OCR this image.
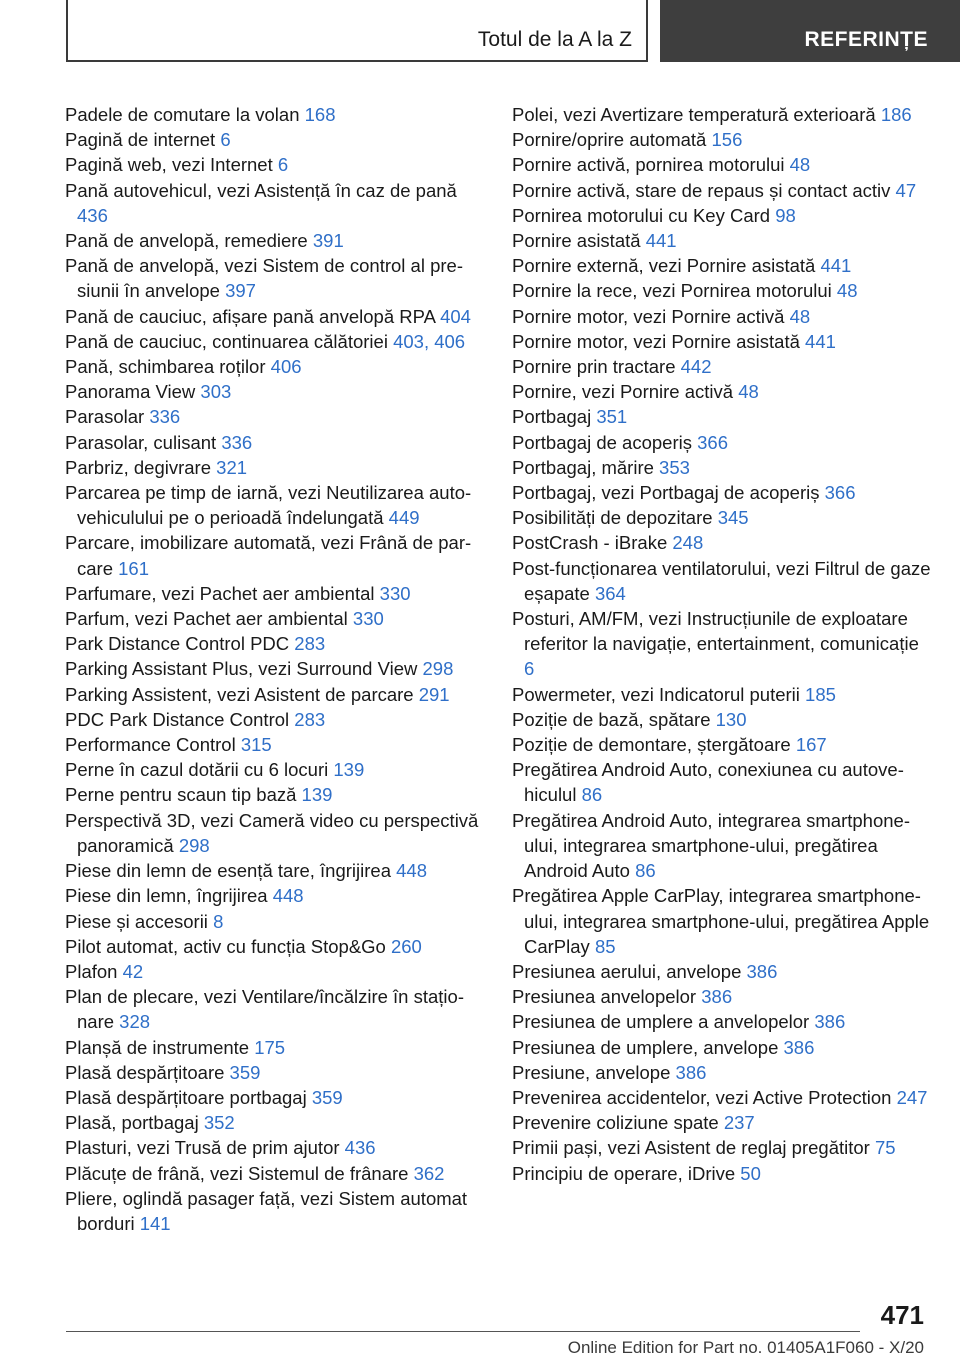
Totul de la A la Z	REFERINȚE

Padele de comutare la volan 168

Pagină de internet 6

Pagină web, vezi Internet 6

Pană autovehicul, vezi Asistență în caz de pană 436

Pană de anvelopă, remediere 391

Pană de anvelopă, vezi Sistem de control al presiunii în anvelope 397

Pană de cauciuc, afișare pană anvelopă RPA 404

Pană de cauciuc, continuarea călătoriei 403, 406

Pană, schimbarea roților 406

Panorama View 303

Parasolar 336

Parasolar, culisant 336

Parbriz, degivrare 321

Parcarea pe timp de iarnă, vezi Neutilizarea autovehiculului pe o perioadă îndelungată 449

Parcare, imobilizare automată, vezi Frână de parcare 161

Parfumare, vezi Pachet aer ambiental 330

Parfum, vezi Pachet aer ambiental 330

Park Distance Control PDC 283

Parking Assistant Plus, vezi Surround View 298

Parking Assistent, vezi Asistent de parcare 291

PDC Park Distance Control 283

Performance Control 315

Perne în cazul dotării cu 6 locuri 139

Perne pentru scaun tip bază 139

Perspectivă 3D, vezi Cameră video cu perspectivă panoramică 298

Piese din lemn de esență tare, îngrijirea 448

Piese din lemn, îngrijirea 448

Piese și accesorii 8

Pilot automat, activ cu funcția Stop&Go 260

Plafon 42

Plan de plecare, vezi Ventilare/încălzire în staționare 328

Planșă de instrumente 175

Plasă despărțitoare 359

Plasă despărțitoare portbagaj 359

Plasă, portbagaj 352

Plasturi, vezi Trusă de prim ajutor 436

Plăcuțe de frână, vezi Sistemul de frânare 362

Pliere, oglindă pasager față, vezi Sistem automat borduri 141

Polei, vezi Avertizare temperatură exterioară 186

Pornire/oprire automată 156

Pornire activă, pornirea motorului 48

Pornire activă, stare de repaus și contact activ 47

Pornirea motorului cu Key Card 98

Pornire asistată 441

Pornire externă, vezi Pornire asistată 441

Pornire la rece, vezi Pornirea motorului 48

Pornire motor, vezi Pornire activă 48

Pornire motor, vezi Pornire asistată 441

Pornire prin tractare 442

Pornire, vezi Pornire activă 48

Portbagaj 351

Portbagaj de acoperiș 366

Portbagaj, mărire 353

Portbagaj, vezi Portbagaj de acoperiș 366

Posibilități de depozitare 345

PostCrash - iBrake 248

Post-funcționarea ventilatorului, vezi Filtrul de gaze eșapate 364

Posturi, AM/FM, vezi Instrucțiunile de exploatare referitor la navigație, entertainment, comunicație 6

Powermeter, vezi Indicatorul puterii 185

Poziție de bază, spătare 130

Poziție de demontare, ștergătoare 167

Pregătirea Android Auto, conexiunea cu autovehiculul 86

Pregătirea Android Auto, integrarea smartphone-ului, integrarea smartphone-ului, pregătirea Android Auto 86

Pregătirea Apple CarPlay, integrarea smartphone-ului, integrarea smartphone-ului, pregătirea Apple CarPlay 85

Presiunea aerului, anvelope 386

Presiunea anvelopelor 386

Presiunea de umplere a anvelopelor 386

Presiunea de umplere, anvelope 386

Presiune, anvelope 386

Prevenirea accidentelor, vezi Active Protection 247

Prevenire coliziune spate 237

Primii pași, vezi Asistent de reglaj pregătitor 75

Principiu de operare, iDrive 50

471
Online Edition for Part no. 01405A1F060 - X/20
